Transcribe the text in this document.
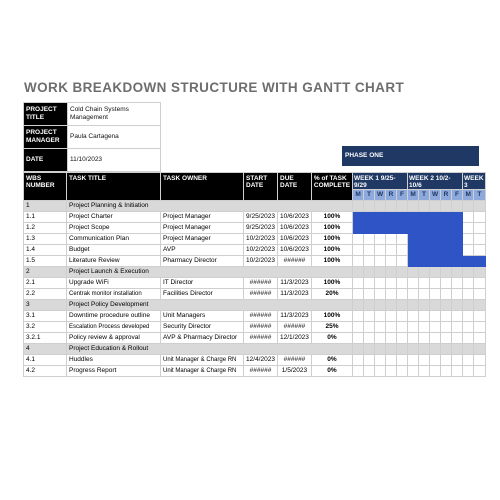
WORK BREAKDOWN STRUCTURE WITH GANTT CHART
PROJECT TITLE	Cold Chain Systems Management
PROJECT MANAGER	Paula Cartagena
DATE	11/10/2023
PHASE ONE
WBS NUMBER	TASK TITLE	TASK OWNER	START DATE	DUE DATE	% of TASK COMPLETE	WEEK 1 9/25-9/29					WEEK 2 10/2-10/6					WEEK 3	
						M	T	W	R	F	M	T	W	R	F	M	T
1	Project Planning & Initiation																
1.1	Project Charter	Project Manager	9/25/2023	10/6/2023	100%												
1.2	Project Scope	Project Manager	9/25/2023	10/6/2023	100%												
1.3	Communication Plan	Project Manager	10/2/2023	10/6/2023	100%												
1.4	Budget	AVP	10/2/2023	10/6/2023	100%												
1.5	Literature Review	Pharmacy Director	10/2/2023	######	100%												
2	Project Launch & Execution																
2.1	Upgrade WiFi	IT Director	######	11/3/2023	100%												
2.2	Centrak monitor installation	Facilities Director	######	11/3/2023	20%												
3	Project Policy Development																
3.1	Downtime procedure outline	Unit Managers	######	11/3/2023	100%												
3.2	Escalation Process developed	Security Director	######	######	25%												
3.2.1	Policy review & approval	AVP & Pharmacy Director	######	12/1/2023	0%												
4	Project Education & Rollout																
4.1	Huddles	Unit Manager & Charge RN	12/4/2023	######	0%												
4.2	Progress Report	Unit Manager & Charge RN	######	1/5/2023	0%												
